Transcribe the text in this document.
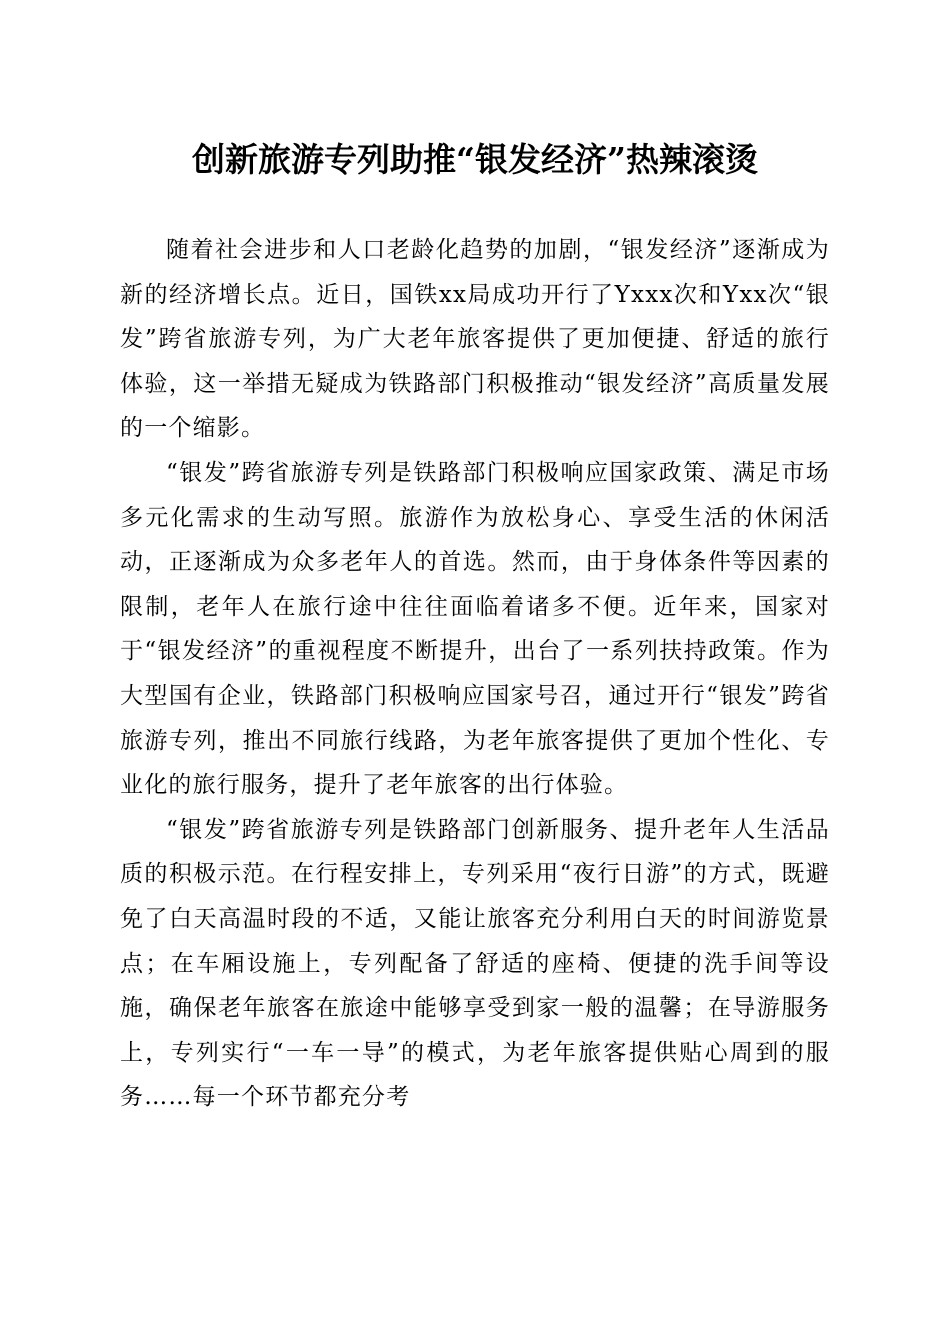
创新旅游专列助推“银发经济”热辣滚烫

随着社会进步和人口老龄化趋势的加剧，“银发经济”逐渐成为新的经济增长点。近日，国铁xx局成功开行了Yxxx次和Yxx次“银发”跨省旅游专列，为广大老年旅客提供了更加便捷、舒适的旅行体验，这一举措无疑成为铁路部门积极推动“银发经济”高质量发展的一个缩影。

“银发”跨省旅游专列是铁路部门积极响应国家政策、满足市场多元化需求的生动写照。旅游作为放松身心、享受生活的休闲活动，正逐渐成为众多老年人的首选。然而，由于身体条件等因素的限制，老年人在旅行途中往往面临着诸多不便。近年来，国家对于“银发经济”的重视程度不断提升，出台了一系列扶持政策。作为大型国有企业，铁路部门积极响应国家号召，通过开行“银发”跨省旅游专列，推出不同旅行线路，为老年旅客提供了更加个性化、专业化的旅行服务，提升了老年旅客的出行体验。

“银发”跨省旅游专列是铁路部门创新服务、提升老年人生活品质的积极示范。在行程安排上，专列采用“夜行日游”的方式，既避免了白天高温时段的不适，又能让旅客充分利用白天的时间游览景点；在车厢设施上，专列配备了舒适的座椅、便捷的洗手间等设施，确保老年旅客在旅途中能够享受到家一般的温馨；在导游服务上，专列实行“一车一导”的模式，为老年旅客提供贴心周到的服务……每一个环节都充分考
